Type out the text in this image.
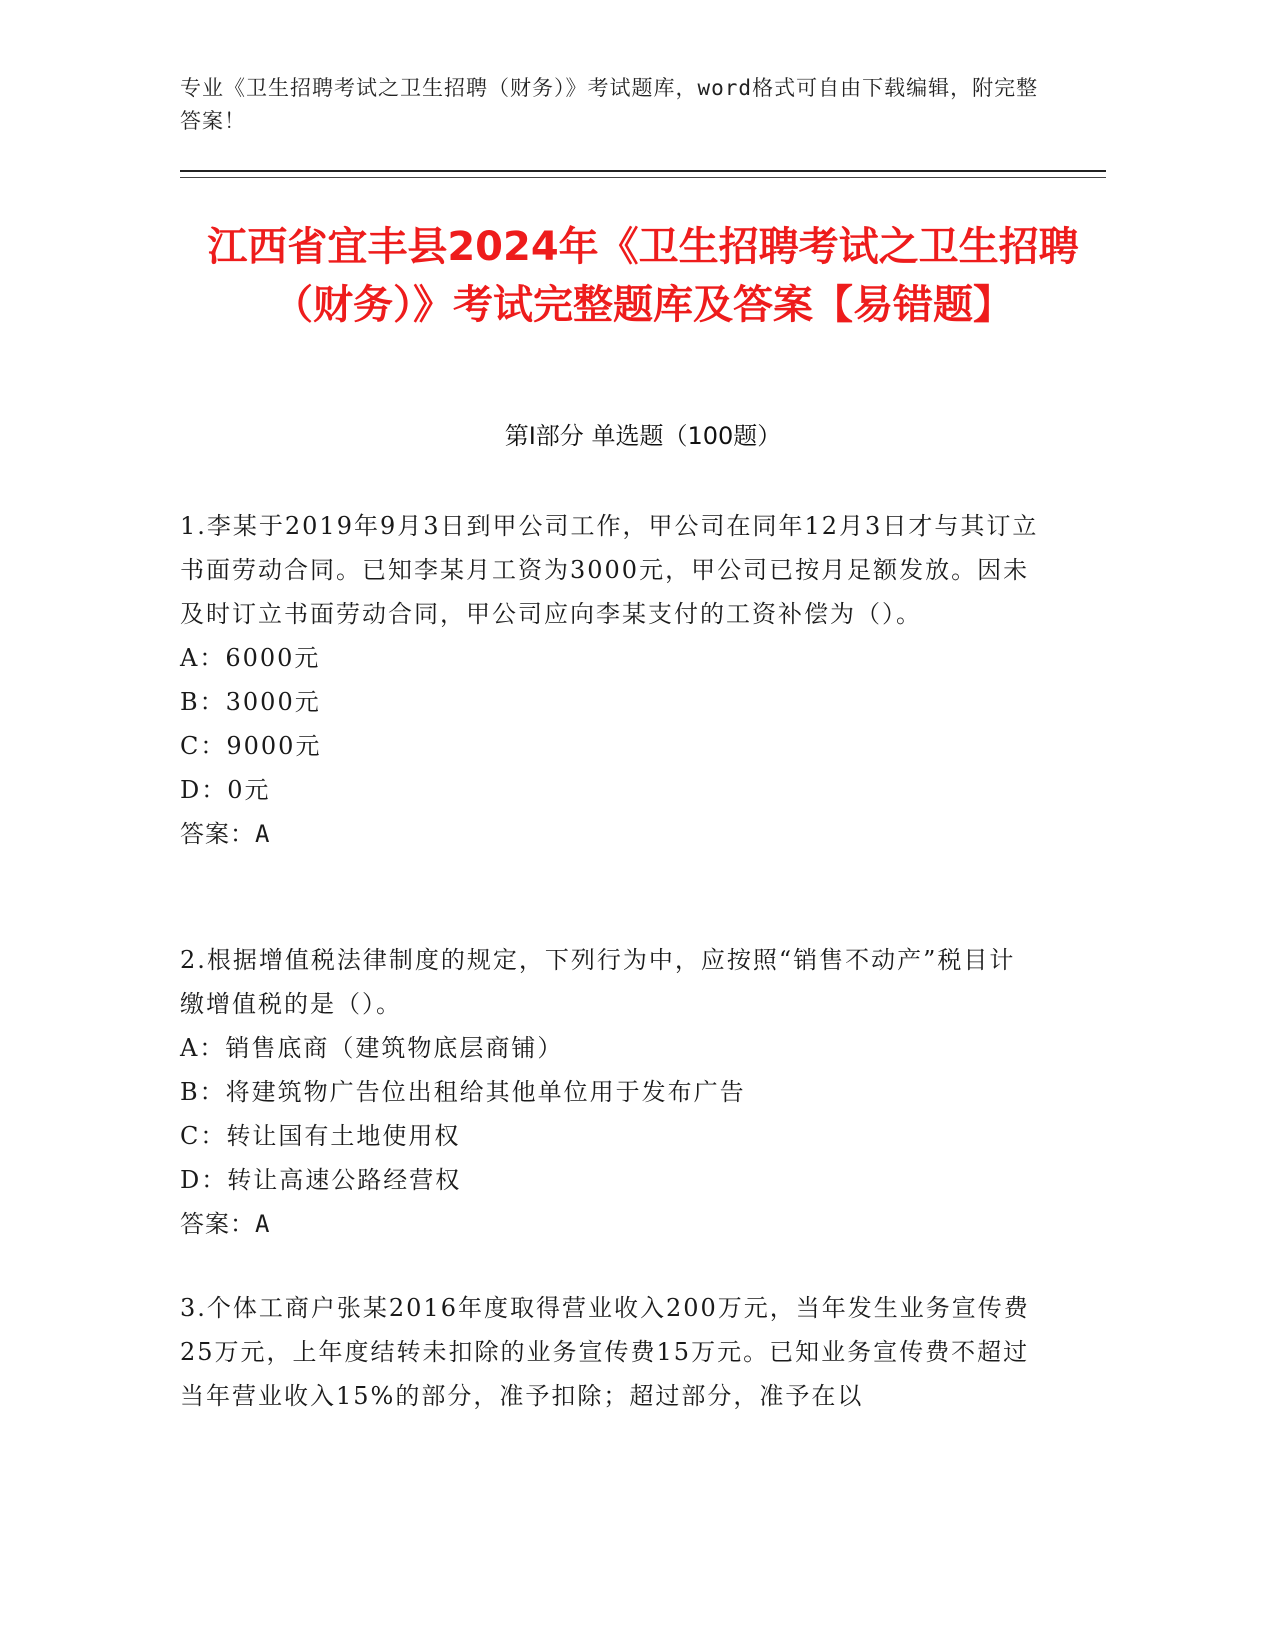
专业《卫生招聘考试之卫生招聘（财务）》考试题库，word格式可自由下载编辑，附完整答案！
江西省宜丰县2024年《卫生招聘考试之卫生招聘（财务）》考试完整题库及答案【易错题】
第I部分 单选题（100题）

1.李某于2019年9月3日到甲公司工作，甲公司在同年12月3日才与其订立书面劳动合同。已知李某月工资为3000元，甲公司已按月足额发放。因未及时订立书面劳动合同，甲公司应向李某支付的工资补偿为（）。

A：6000元

B：3000元

C：9000元

D：0元

答案：A

2.根据增值税法律制度的规定，下列行为中，应按照“销售不动产”税目计缴增值税的是（）。

A：销售底商（建筑物底层商铺）

B：将建筑物广告位出租给其他单位用于发布广告

C：转让国有土地使用权

D：转让高速公路经营权

答案：A

3.个体工商户张某2016年度取得营业收入200万元，当年发生业务宣传费25万元，上年度结转未扣除的业务宣传费15万元。已知业务宣传费不超过当年营业收入15%的部分，准予扣除；超过部分，准予在以
